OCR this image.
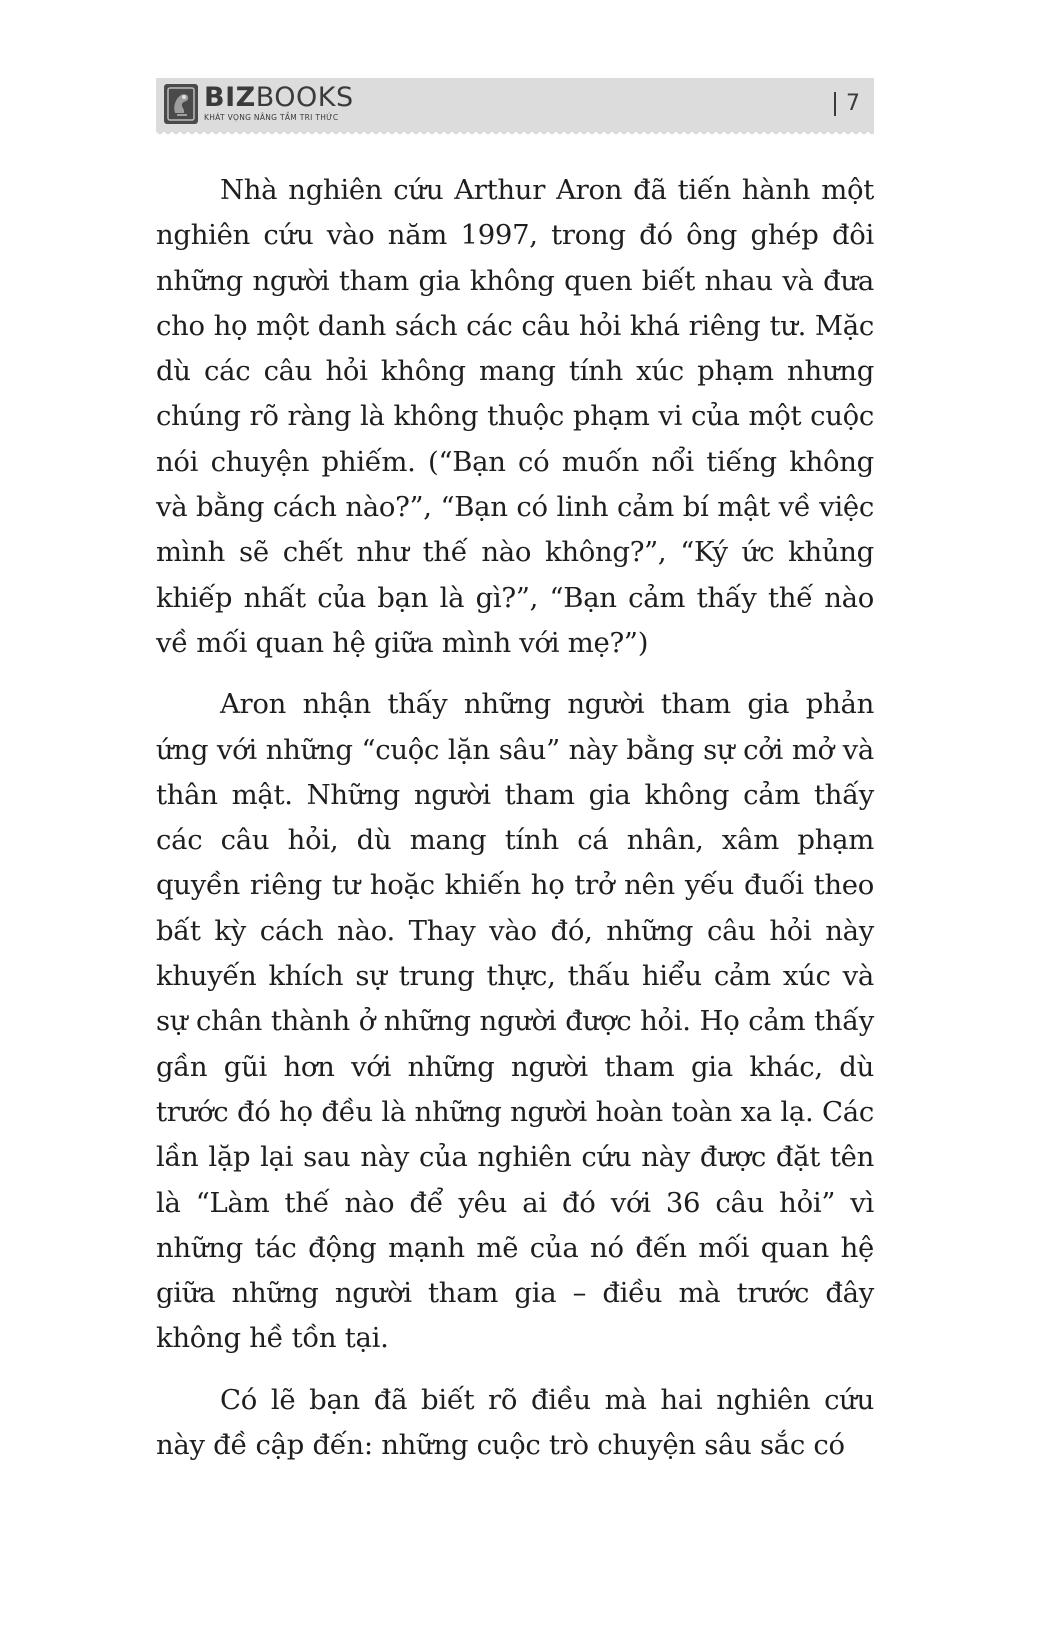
BIZBOOKS
KHÁT VỌNG NÂNG TẦM TRI THỨC
7

Nhà nghiên cứu Arthur Aron đã tiến hành một nghiên cứu vào năm 1997, trong đó ông ghép đôi những người tham gia không quen biết nhau và đưa cho họ một danh sách các câu hỏi khá riêng tư. Mặc dù các câu hỏi không mang tính xúc phạm nhưng chúng rõ ràng là không thuộc phạm vi của một cuộc nói chuyện phiếm. (“Bạn có muốn nổi tiếng không và bằng cách nào?”, “Bạn có linh cảm bí mật về việc mình sẽ chết như thế nào không?”, “Ký ức khủng khiếp nhất của bạn là gì?”, “Bạn cảm thấy thế nào về mối quan hệ giữa mình với mẹ?”)

Aron nhận thấy những người tham gia phản ứng với những “cuộc lặn sâu” này bằng sự cởi mở và thân mật. Những người tham gia không cảm thấy các câu hỏi, dù mang tính cá nhân, xâm phạm quyền riêng tư hoặc khiến họ trở nên yếu đuối theo bất kỳ cách nào. Thay vào đó, những câu hỏi này khuyến khích sự trung thực, thấu hiểu cảm xúc và sự chân thành ở những người được hỏi. Họ cảm thấy gần gũi hơn với những người tham gia khác, dù trước đó họ đều là những người hoàn toàn xa lạ. Các lần lặp lại sau này của nghiên cứu này được đặt tên là “Làm thế nào để yêu ai đó với 36 câu hỏi” vì những tác động mạnh mẽ của nó đến mối quan hệ giữa những người tham gia – điều mà trước đây không hề tồn tại.

Có lẽ bạn đã biết rõ điều mà hai nghiên cứu này đề cập đến: những cuộc trò chuyện sâu sắc có
